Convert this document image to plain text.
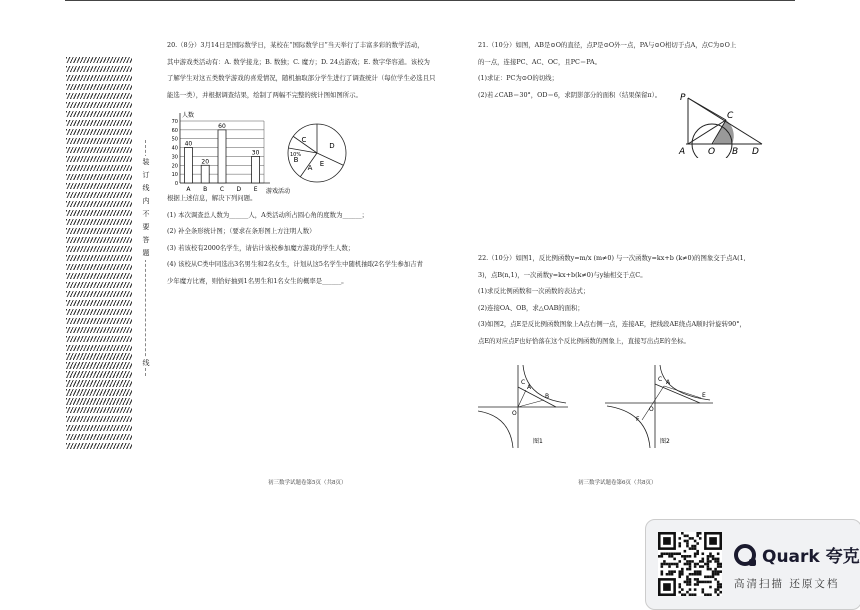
装
订
线
内
不
要
答
题
线

20.（8分）3月14日是国际数学日，某校在“国际数学日”当天举行了丰富多彩的数学活动，

其中游戏类活动有：A. 数学接龙；B. 数独；C. 魔方；D. 24点游戏；E. 数字华容道。该校为

了解学生对这五类数学游戏的喜爱情况，随机抽取部分学生进行了调查统计（每位学生必选且只

能选一类），并根据调查结果，绘制了两幅不完整的统计图如图所示。

0
10
20
30
40
50
60
70
人数
游戏活动
A
40
B
20
C
60
D E
30
A
B
C
D
E
10%

根据上述信息，解决下列问题。

(1) 本次调查总人数为______人，A类活动所占圆心角的度数为______；

(2) 补全条形统计图；（要求在条形图上方注明人数）

(3) 若该校有2000名学生，请估计该校参加魔方游戏的学生人数；

(4) 该校从C类中同选出3名男生和2名女生，计划从这5名学生中随机抽取2名学生参加吉青

少年魔方比赛，则恰好抽到1名男生和1名女生的概率是______。

21.（10分）如图，AB是⊙O的直径，点P是⊙O外一点，PA与⊙O相切于点A，点C为⊙O上

的一点，连接PC、AC、OC，且PC＝PA。

(1)求证：PC为⊙O的切线；

(2)若∠CAB＝30°，OD＝6，求阴影部分的面积（结果保留π）。	P
C
A	O B D

22.（10分）如图1，反比例函数y=m/x (m≠0) 与一次函数y=kx+b (k≠0)的图象交于点A(1,

3)，点B(n,1)，一次函数y=kx+b(k≠0)与y轴相交于点C。

(1)求反比例函数和一次函数的表达式；

(2)连接OA、OB，求△OAB的面积；

(3)如图2，点E是反比例函数图象上A点右侧一点，连接AE，把线段AE绕点A顺时针旋转90°，

点E的对应点F也好恰落在这个反比例函数的图象上，直接写出点E的坐标。

C
A
B
O
图1
C A
E
F
O
图2
初三数学试题卷第5页（共8页）	初三数学试题卷第6页（共8页）
Quark 夸克
高清扫描 还原文档
